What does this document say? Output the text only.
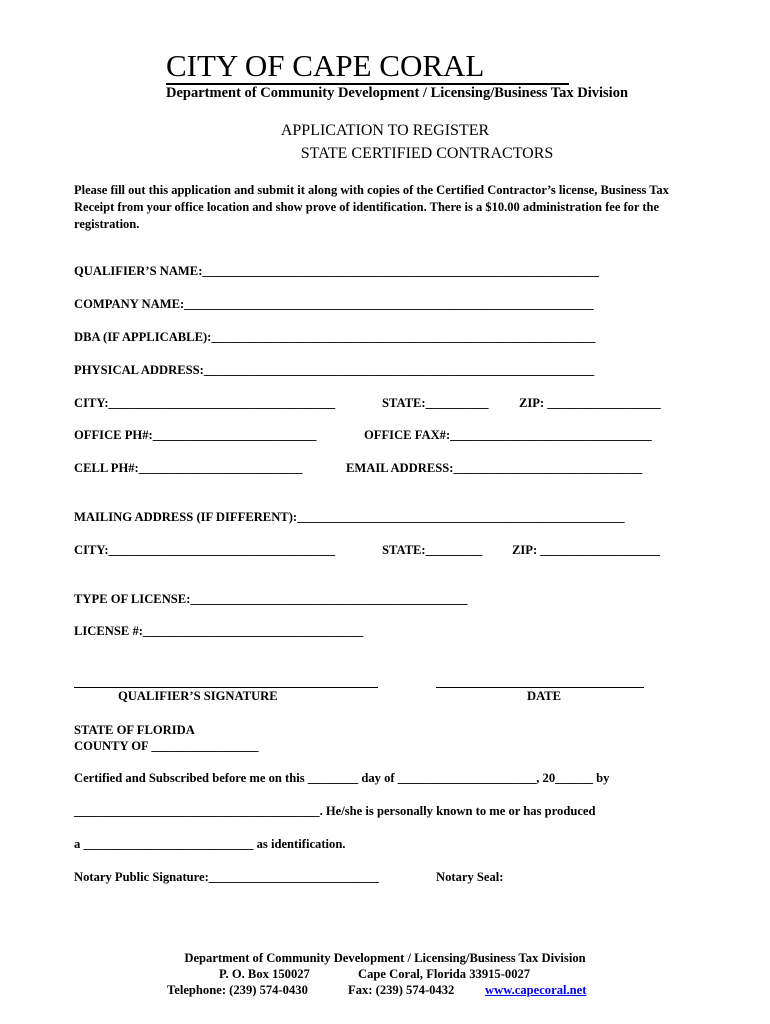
CITY OF CAPE CORAL
Department of Community Development / Licensing/Business Tax Division
APPLICATION TO REGISTER
STATE CERTIFIED CONTRACTORS
Please fill out this application and submit it along with copies of the Certified Contractor’s license, Business Tax Receipt from your office location and show prove of identification. There is a $10.00 administration fee for the registration.
QUALIFIER’S NAME:_______________________________________________________________
COMPANY NAME:_________________________________________________________________
DBA (IF APPLICABLE):_____________________________________________________________
PHYSICAL ADDRESS:______________________________________________________________
CITY:____________________________________	STATE:__________ ZIP: __________________
OFFICE PH#:__________________________	OFFICE FAX#:________________________________
CELL PH#:__________________________	EMAIL ADDRESS:______________________________
MAILING ADDRESS (IF DIFFERENT):____________________________________________________
CITY:____________________________________	STATE:_________ ZIP: ___________________
TYPE OF LICENSE:____________________________________________
LICENSE #:___________________________________
QUALIFIER’S SIGNATURE	DATE
STATE OF FLORIDA
COUNTY OF _________________
Certified and Subscribed before me on this ________ day of ______________________, 20______ by
_______________________________________. He/she is personally known to me or has produced
a ___________________________ as identification.
Notary Public Signature:___________________________	Notary Seal:
Department of Community Development / Licensing/Business Tax Division
P. O. Box 150027	Cape Coral, Florida 33915-0027
Telephone: (239) 574-0430	Fax: (239) 574-0432 www.capecoral.net
